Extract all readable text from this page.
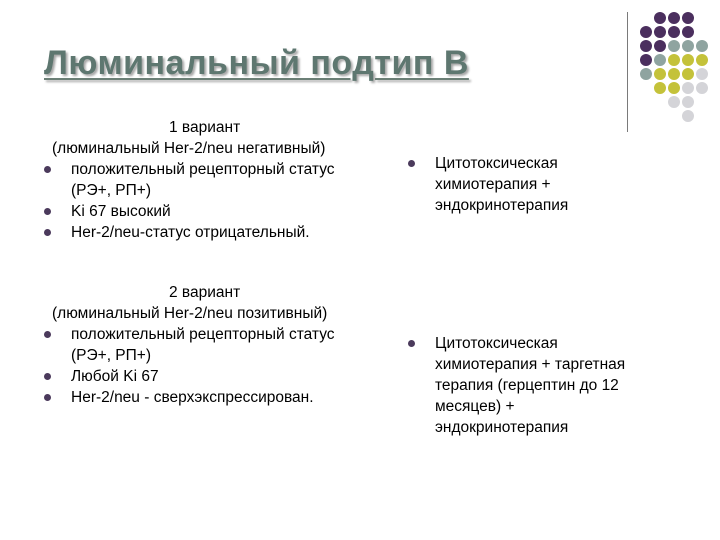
Люминальный подтип В
1 вариант
(люминальный Her-2/neu негативный)
положительный рецепторный статус
(РЭ+, РП+)
Ki 67 высокий
Her-2/neu-статус отрицательный.
Цитотоксическая
химиотерапия +
эндокринотерапия
2 вариант
(люминальный Her-2/neu позитивный)
положительный рецепторный статус
(РЭ+, РП+)
Любой Ki 67
Her-2/neu - сверхэкспрессирован.
Цитотоксическая
химиотерапия + таргетная
терапия (герцептин до 12
месяцев) +
эндокринотерапия
